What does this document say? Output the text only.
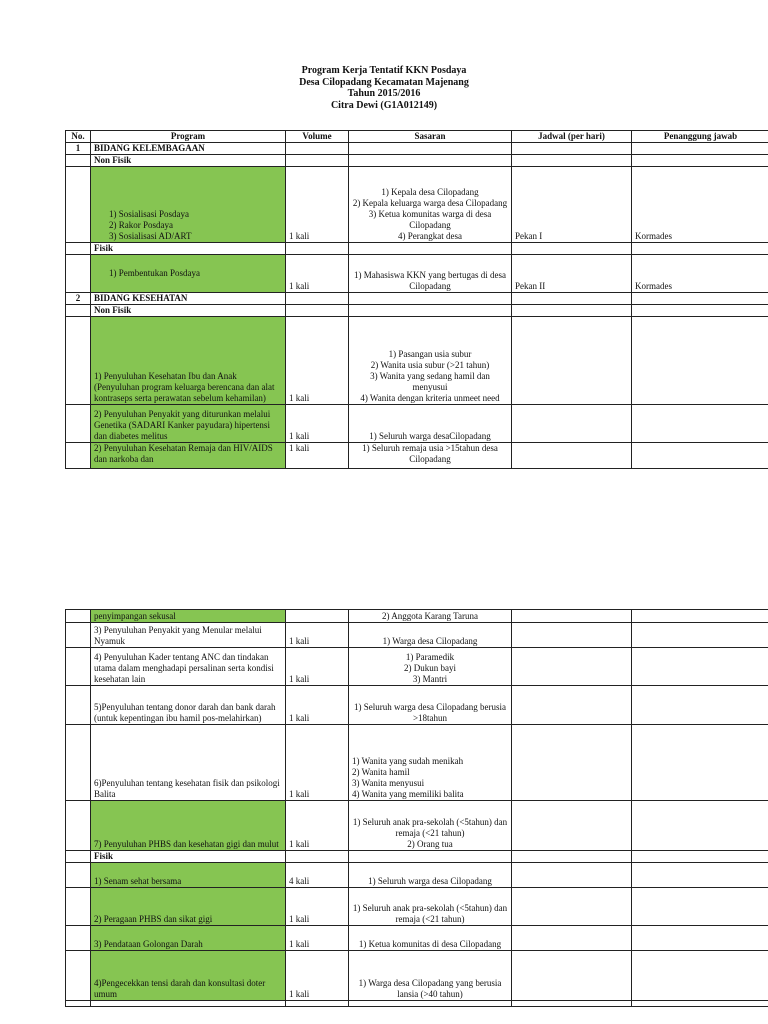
Program Kerja Tentatif KKN Posdaya
Desa Cilopadang Kecamatan Majenang
Tahun 2015/2016
Citra Dewi (G1A012149)
No.	Program	Volume	Sasaran	Jadwal (per hari)	Penanggung jawab
1	BIDANG KELEMBAGAAN				
	Non Fisik				
	1) Sosialisasi Posdaya
2) Rakor Posdaya
3) Sosialisasi AD/ART	1 kali	1) Kepala desa Cilopadang
2) Kepala keluarga warga desa Cilopadang
3) Ketua komunitas warga di desa Cilopadang
4) Perangkat desa	Pekan I	Kormades
	Fisik				
	1) Pembentukan Posdaya	1 kali	1) Mahasiswa KKN yang bertugas di desa Cilopadang	Pekan II	Kormades
2	BIDANG KESEHATAN				
	Non Fisik				
	1) Penyuluhan Kesehatan Ibu dan Anak (Penyuluhan program keluarga berencana dan alat kontraseps serta perawatan sebelum kehamilan)	1 kali	1) Pasangan usia subur
2) Wanita usia subur (>21 tahun)
3) Wanita yang sedang hamil dan menyusui
4) Wanita dengan kriteria unmeet need		
	2) Penyuluhan Penyakit yang diturunkan melalui Genetika (SADARI Kanker payudara) hipertensi dan diabetes melitus	1 kali	1) Seluruh warga desaCilopadang		
	2) Penyuluhan Kesehatan Remaja dan HIV/AIDS dan narkoba dan	1 kali	1) Seluruh remaja usia >15tahun desa Cilopadang		
	penyimpangan sekusal		2) Anggota Karang Taruna		
	3) Penyuluhan Penyakit yang Menular melalui Nyamuk	1 kali	1) Warga desa Cilopadang		
	4) Penyuluhan Kader tentang ANC dan tindakan utama dalam menghadapi persalinan serta kondisi kesehatan lain	1 kali	1) Paramedik
2) Dukun bayi
3) Mantri		
	5)Penyuluhan tentang donor darah dan bank darah (untuk kepentingan ibu hamil pos-melahirkan)	1 kali	1) Seluruh warga desa Cilopadang berusia >18tahun		
	6)Penyuluhan tentang kesehatan fisik dan psikologi Balita	1 kali	1) Wanita yang sudah menikah
2) Wanita hamil
3) Wanita menyusui
4) Wanita yang memiliki balita		
	7) Penyuluhan PHBS dan kesehatan gigi dan mulut	1 kali	1) Seluruh anak pra-sekolah (<5tahun) dan remaja (<21 tahun)
2) Orang tua		
	Fisik				
	1) Senam sehat bersama	4 kali	1) Seluruh warga desa Cilopadang		
	2) Peragaan PHBS dan sikat gigi	1 kali	1) Seluruh anak pra-sekolah (<5tahun) dan remaja (<21 tahun)		
	3) Pendataan Golongan Darah	1 kali	1) Ketua komunitas di desa Cilopadang		
	4)Pengecekkan tensi darah dan konsultasi doter umum	1 kali	1) Warga desa Cilopadang yang berusia lansia (>40 tahun)		
